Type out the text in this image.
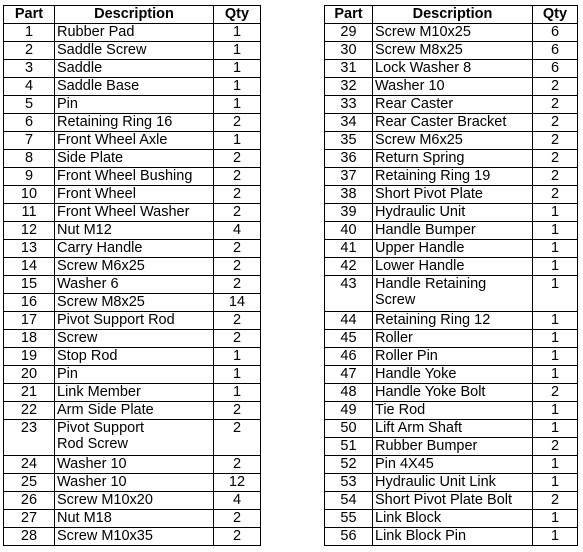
Part	Description	Qty
1	Rubber Pad	1
2	Saddle Screw	1
3	Saddle	1
4	Saddle Base	1
5	Pin	1
6	Retaining Ring 16	2
7	Front Wheel Axle	1
8	Side Plate	2
9	Front Wheel Bushing	2
10	Front Wheel	2
11	Front Wheel Washer	2
12	Nut M12	4
13	Carry Handle	2
14	Screw M6x25	2
15	Washer 6	2
16	Screw M8x25	14
17	Pivot Support Rod	2
18	Screw	2
19	Stop Rod	1
20	Pin	1
21	Link Member	1
22	Arm Side Plate	2
23	Pivot Support
Rod Screw	2
24	Washer 10	2
25	Washer 10	12
26	Screw M10x20	4
27	Nut M18	2
28	Screw M10x35	2
Part	Description	Qty
29	Screw M10x25	6
30	Screw M8x25	6
31	Lock Washer 8	6
32	Washer 10	2
33	Rear Caster	2
34	Rear Caster Bracket	2
35	Screw M6x25	2
36	Return Spring	2
37	Retaining Ring 19	2
38	Short Pivot Plate	2
39	Hydraulic Unit	1
40	Handle Bumper	1
41	Upper Handle	1
42	Lower Handle	1
43	Handle Retaining
Screw	1
44	Retaining Ring 12	1
45	Roller	1
46	Roller Pin	1
47	Handle Yoke	1
48	Handle Yoke Bolt	2
49	Tie Rod	1
50	Lift Arm Shaft	1
51	Rubber Bumper	2
52	Pin 4X45	1
53	Hydraulic Unit Link	1
54	Short Pivot Plate Bolt	2
55	Link Block	1
56	Link Block Pin	1
